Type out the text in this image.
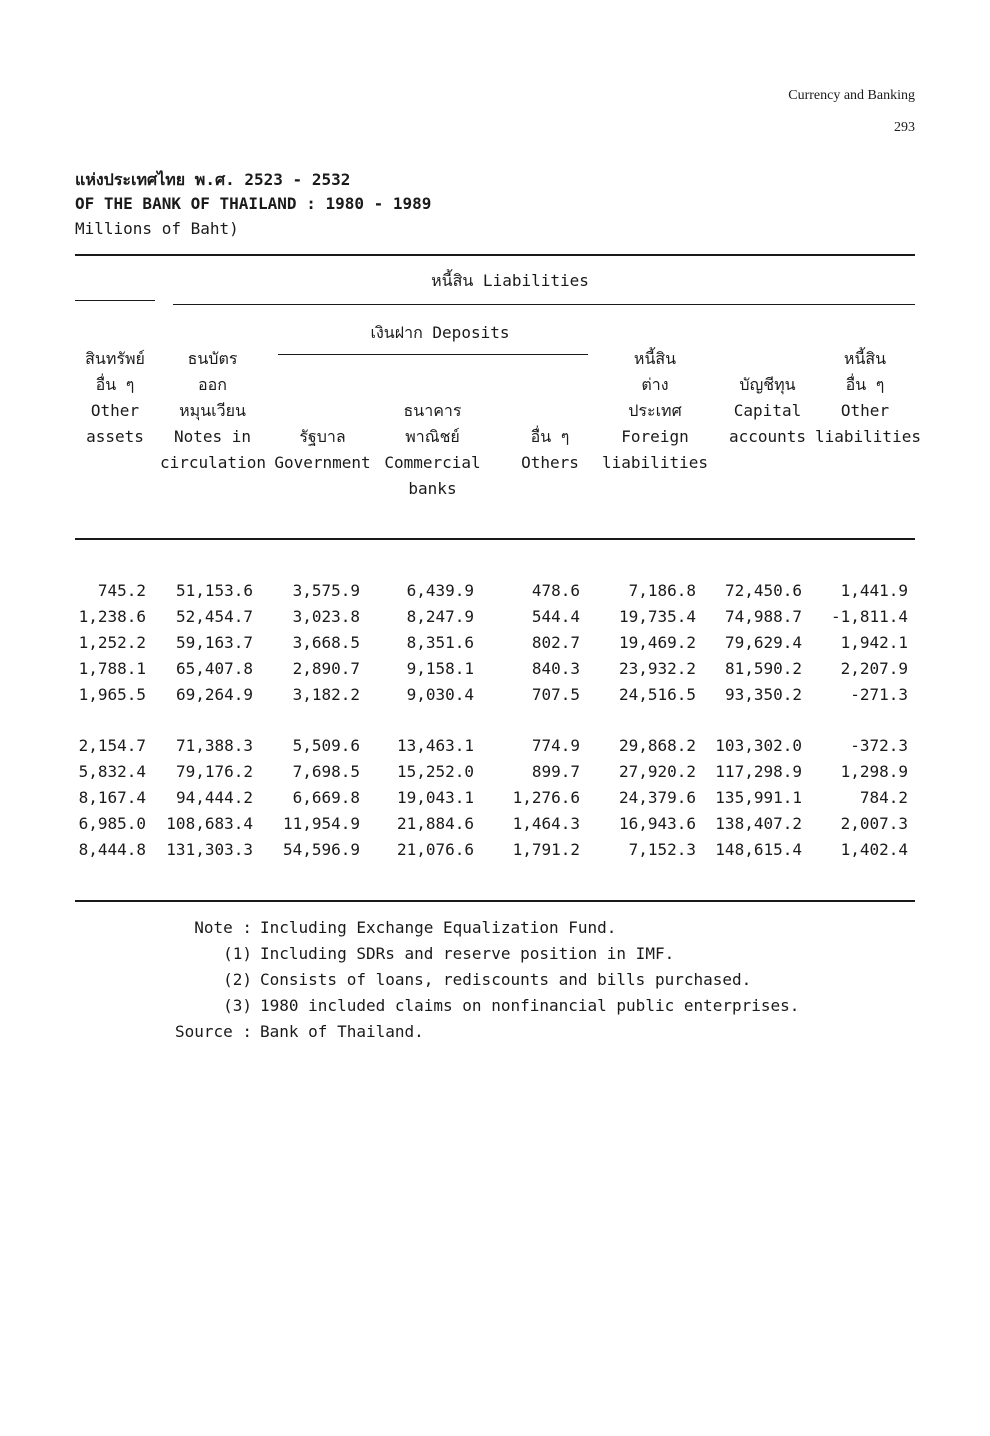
Currency and Banking
293
แห่งประเทศไทย พ.ศ. 2523 - 2532
OF THE BANK OF THAILAND : 1980 - 1989
Millions of Baht)
หนี้สิน Liabilities
เงินฝาก Deposits
สินทรัพย์
อื่น ๆ
Other
assets
ธนบัตร
ออก
หมุนเวียน
Notes in
circulation
รัฐบาล
Government
ธนาคาร
พาณิชย์
Commercial
banks
อื่น ๆ
Others
หนี้สิน
ต่าง
ประเทศ
Foreign
liabilities
บัญชีทุน
Capital
accounts
หนี้สิน
อื่น ๆ
Other
liabilities
745.2	51,153.6	3,575.9	6,439.9	478.6	7,186.8	72,450.6	1,441.9
1,238.6	52,454.7	3,023.8	8,247.9	544.4	19,735.4	74,988.7	-1,811.4
1,252.2	59,163.7	3,668.5	8,351.6	802.7	19,469.2	79,629.4	1,942.1
1,788.1	65,407.8	2,890.7	9,158.1	840.3	23,932.2	81,590.2	2,207.9
1,965.5	69,264.9	3,182.2	9,030.4	707.5	24,516.5	93,350.2	-271.3
2,154.7	71,388.3	5,509.6	13,463.1	774.9	29,868.2	103,302.0	-372.3
5,832.4	79,176.2	7,698.5	15,252.0	899.7	27,920.2	117,298.9	1,298.9
8,167.4	94,444.2	6,669.8	19,043.1	1,276.6	24,379.6	135,991.1	784.2
6,985.0	108,683.4	11,954.9	21,884.6	1,464.3	16,943.6	138,407.2	2,007.3
8,444.8	131,303.3	54,596.9	21,076.6	1,791.2	7,152.3	148,615.4	1,402.4
Note : Including Exchange Equalization Fund.
(1) Including SDRs and reserve position in IMF.
(2) Consists of loans, rediscounts and bills purchased.
(3) 1980 included claims on nonfinancial public enterprises.
Source : Bank of Thailand.
